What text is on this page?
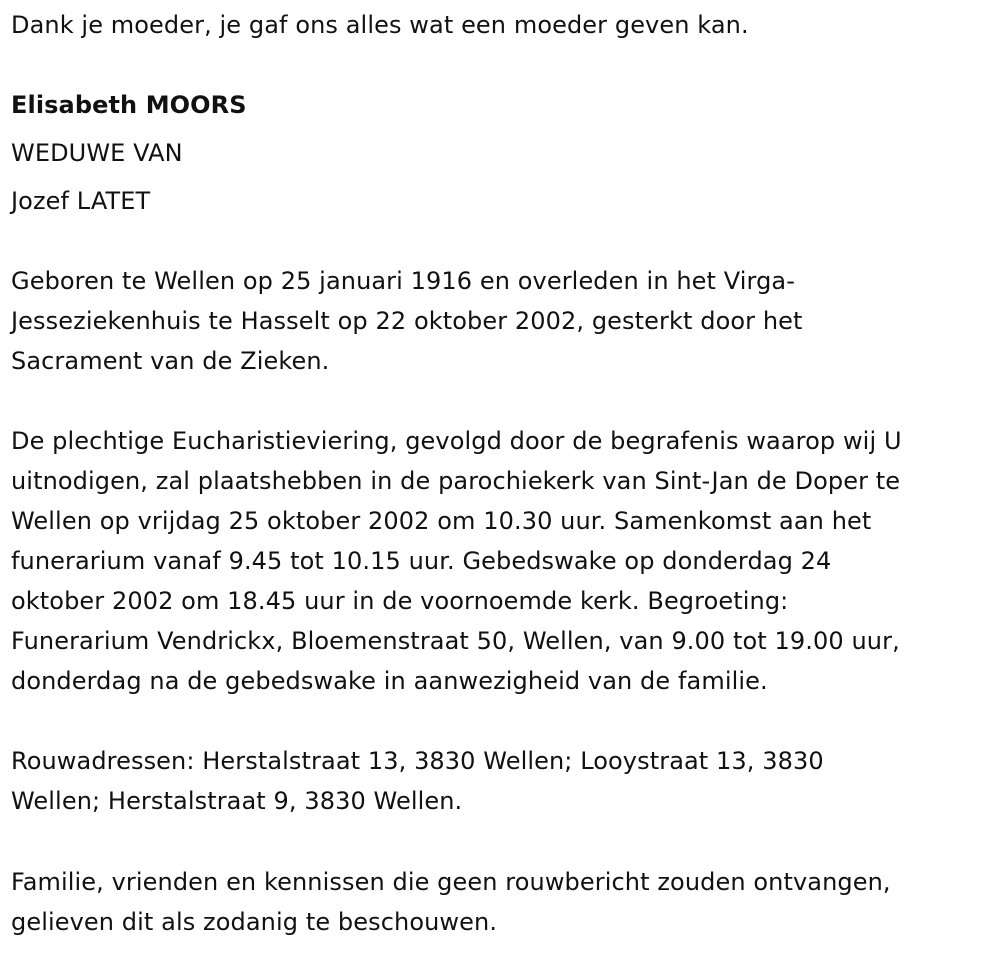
Dank je moeder, je gaf ons alles wat een moeder geven kan.
Elisabeth MOORS
WEDUWE VAN
Jozef LATET
Geboren te Wellen op 25 januari 1916 en overleden in het Virga-
Jesseziekenhuis te Hasselt op 22 oktober 2002, gesterkt door het
Sacrament van de Zieken.
De plechtige Eucharistieviering, gevolgd door de begrafenis waarop wij U
uitnodigen, zal plaatshebben in de parochiekerk van Sint-Jan de Doper te
Wellen op vrijdag 25 oktober 2002 om 10.30 uur. Samenkomst aan het
funerarium vanaf 9.45 tot 10.15 uur. Gebedswake op donderdag 24
oktober 2002 om 18.45 uur in de voornoemde kerk. Begroeting:
Funerarium Vendrickx, Bloemenstraat 50, Wellen, van 9.00 tot 19.00 uur,
donderdag na de gebedswake in aanwezigheid van de familie.
Rouwadressen: Herstalstraat 13, 3830 Wellen; Looystraat 13, 3830
Wellen; Herstalstraat 9, 3830 Wellen.
Familie, vrienden en kennissen die geen rouwbericht zouden ontvangen,
gelieven dit als zodanig te beschouwen.
